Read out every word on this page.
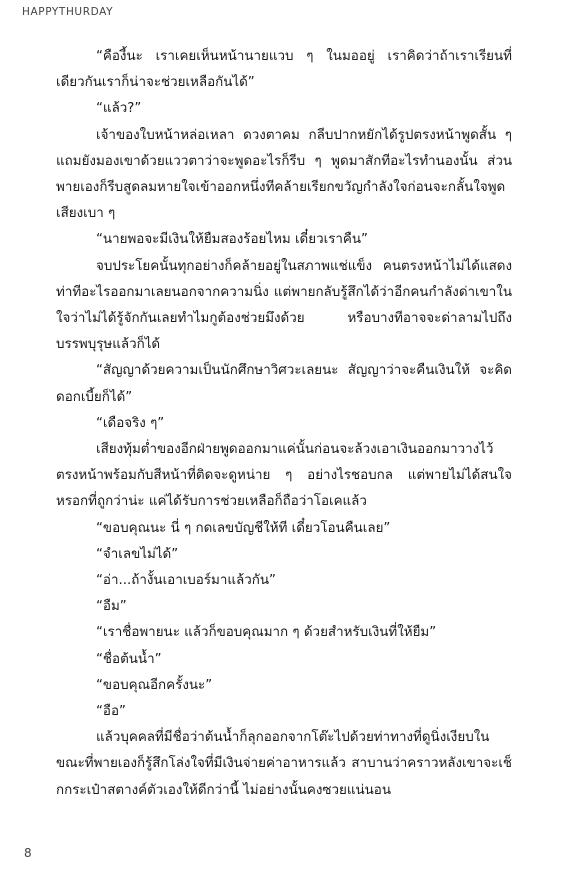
HAPPYTHURDAY

“คืองี้นะ เราเคยเห็นหน้านายแวบ ๆ ในมออยู่ เราคิดว่าถ้าเราเรียนที่เดียวกันเราก็น่าจะช่วยเหลือกันได้”

“แล้ว?”

เจ้าของใบหน้าหล่อเหลา ดวงตาคม กลีบปากหยักได้รูปตรงหน้าพูดสั้น ๆ แถมยังมองเขาด้วยแววตาว่าจะพูดอะไรก็รีบ ๆ พูดมาสักทีอะไรทำนองนั้น ส่วนพายเองก็รีบสูดลมหายใจเข้าออกหนึ่งทีคล้ายเรียกขวัญกำลังใจก่อนจะกลั้นใจพูดเสียงเบา ๆ

“นายพอจะมีเงินให้ยืมสองร้อยไหม เดี๋ยวเราคืน”

จบประโยคนั้นทุกอย่างก็คล้ายอยู่ในสภาพแช่แข็ง คนตรงหน้าไม่ได้แสดงท่าทีอะไรออกมาเลยนอกจากความนิ่ง แต่พายกลับรู้สึกได้ว่าอีกคนกำลังด่าเขาในใจว่าไม่ได้รู้จักกันเลยทำไมกูต้องช่วยมึงด้วย หรือบางทีอาจจะด่าลามไปถึงบรรพบุรุษแล้วก็ได้

“สัญญาด้วยความเป็นนักศึกษาวิศวะเลยนะ สัญญาว่าจะคืนเงินให้ จะคิดดอกเบี้ยก็ได้”

“เดือจริง ๆ”

เสียงทุ้มต่ำของอีกฝ่ายพูดออกมาแค่นั้นก่อนจะล้วงเอาเงินออกมาวางไว้ตรงหน้าพร้อมกับสีหน้าที่ติดจะดูหน่าย ๆ อย่างไรชอบกล แต่พายไม่ได้สนใจหรอกที่ถูกว่าน่ะ แค่ได้รับการช่วยเหลือก็ถือว่าโอเคแล้ว

“ขอบคุณนะ นี่ ๆ กดเลขบัญชีให้ที เดี๋ยวโอนคืนเลย”

“จำเลขไม่ได้”

“อ่า...ถ้างั้นเอาเบอร์มาแล้วกัน”

“อืม”

“เราชื่อพายนะ แล้วก็ขอบคุณมาก ๆ ด้วยสำหรับเงินที่ให้ยืม”

“ชื่อต้นน้ำ”

“ขอบคุณอีกครั้งนะ”

“อือ”

แล้วบุคคลที่มีชื่อว่าต้นน้ำก็ลุกออกจากโต๊ะไปด้วยท่าทางที่ดูนิ่งเงียบในขณะที่พายเองก็รู้สึกโล่งใจที่มีเงินจ่ายค่าอาหารแล้ว สาบานว่าคราวหลังเขาจะเช็กกระเป๋าสตางค์ตัวเองให้ดีกว่านี้ ไม่อย่างนั้นคงซวยแน่นอน

8
